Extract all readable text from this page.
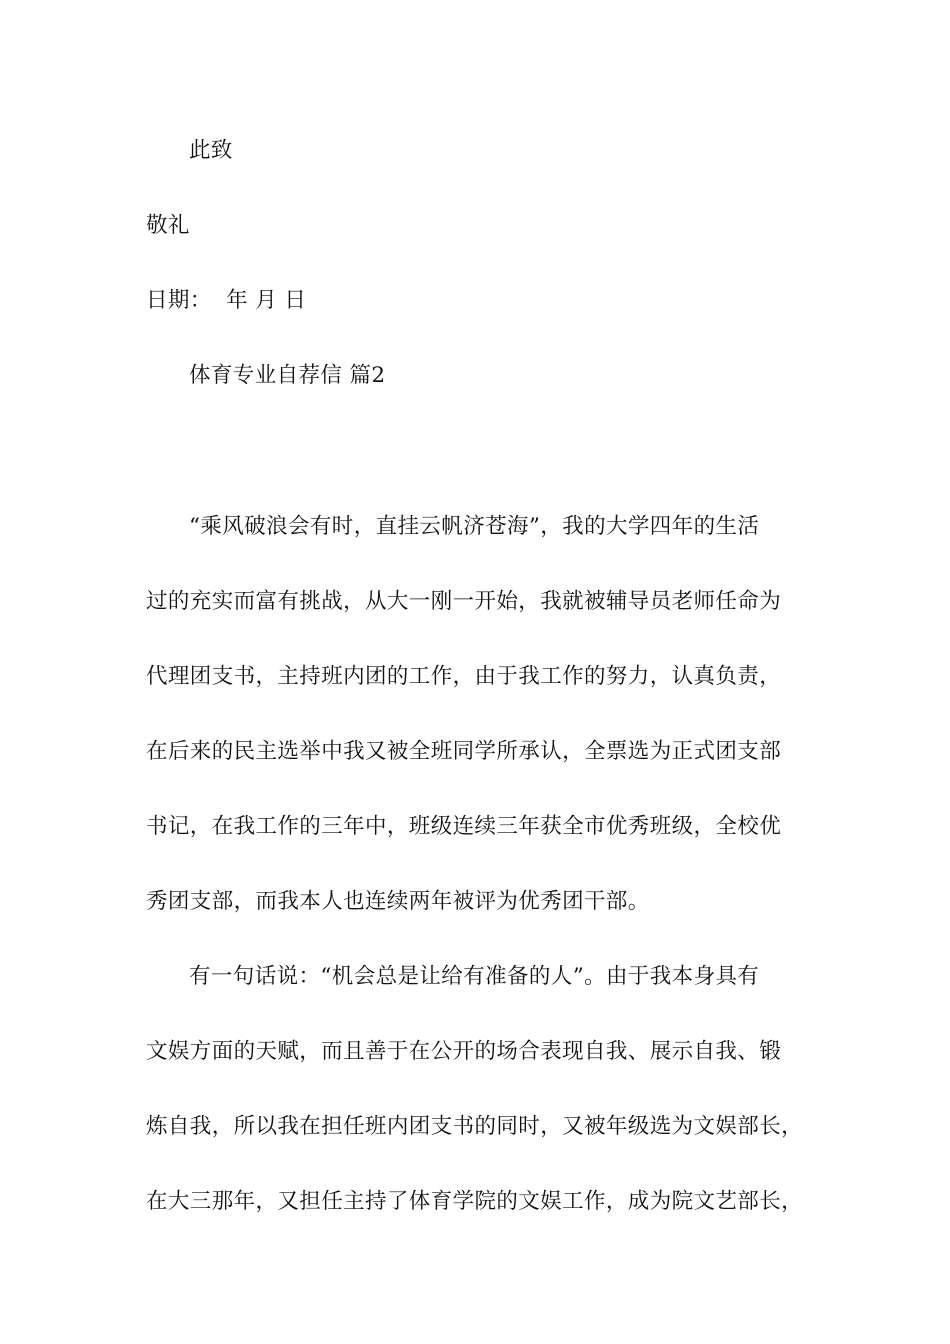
此致
敬礼
日期：  年 月 日
体育专业自荐信 篇2
“乘风破浪会有时，直挂云帆济苍海”，我的大学四年的生活
过的充实而富有挑战，从大一刚一开始，我就被辅导员老师任命为
代理团支书，主持班内团的工作，由于我工作的努力，认真负责，
在后来的民主选举中我又被全班同学所承认，全票选为正式团支部
书记，在我工作的三年中，班级连续三年获全市优秀班级，全校优
秀团支部，而我本人也连续两年被评为优秀团干部。
有一句话说：“机会总是让给有准备的人”。由于我本身具有
文娱方面的天赋，而且善于在公开的场合表现自我、展示自我、锻
炼自我，所以我在担任班内团支书的同时，又被年级选为文娱部长，
在大三那年，又担任主持了体育学院的文娱工作，成为院文艺部长，
